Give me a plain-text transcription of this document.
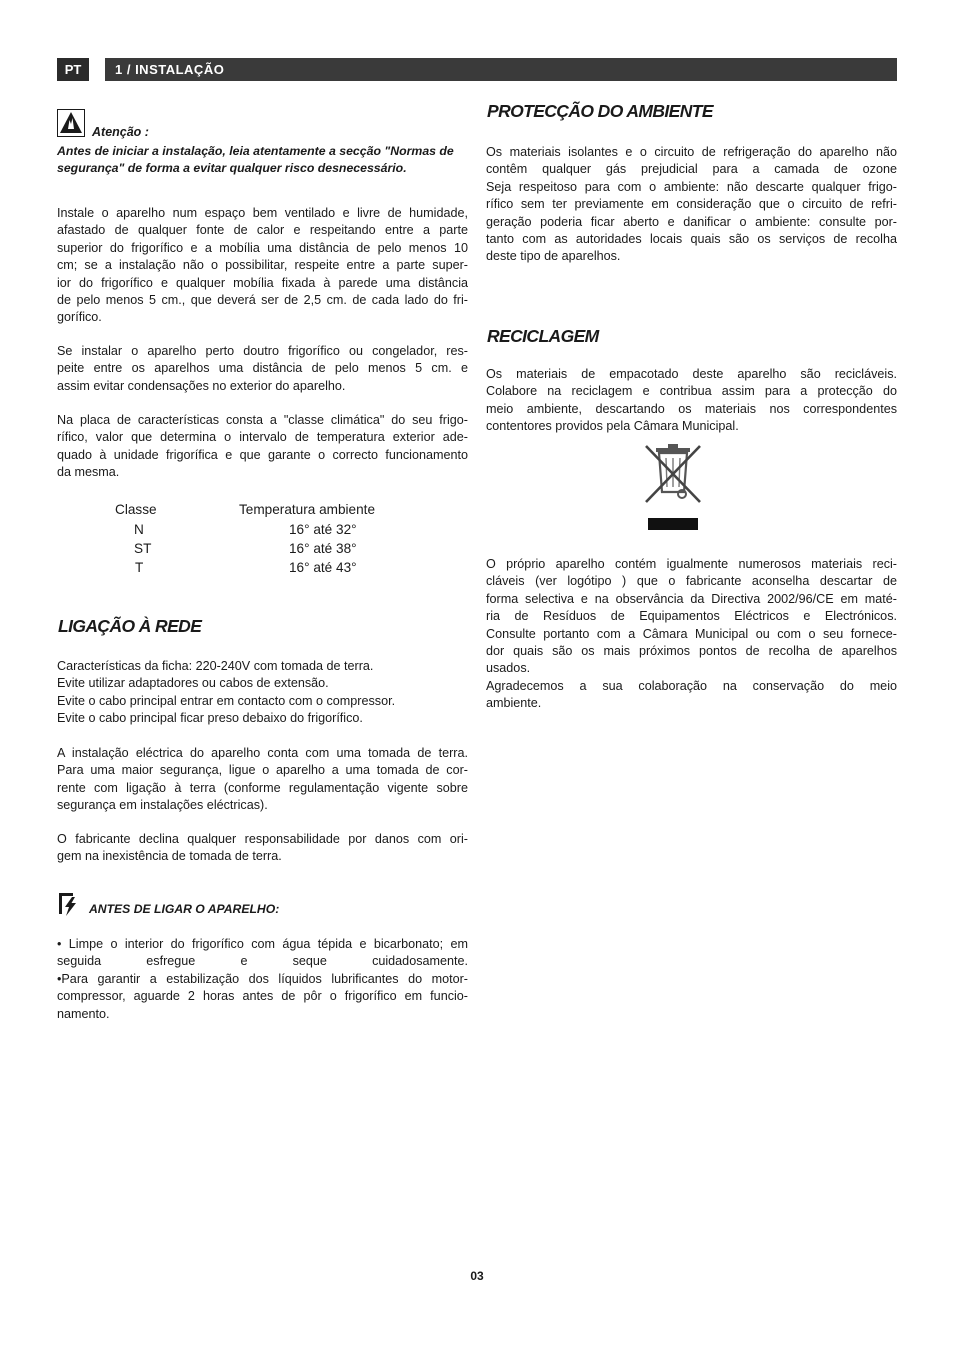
PT	1 / INSTALAÇÃO
Atenção :
Antes de iniciar a instalação, leia atentamente a secção "Normas de
segurança" de forma a evitar qualquer risco desnecessário.
Instale o aparelho num espaço bem ventilado e livre de humidade,
afastado de qualquer fonte de calor e respeitando entre a parte
superior do frigorífico e a mobília uma distância de pelo menos 10
cm; se a instalação não o possibilitar, respeite entre a parte super-
ior do frigorífico e qualquer mobília fixada à parede uma distância
de pelo menos 5 cm., que deverá ser de 2,5 cm. de cada lado do fri-
gorífico.
Se instalar o aparelho perto doutro frigorífico ou congelador, res-
peite entre os aparelhos uma distância de pelo menos 5 cm. e
assim evitar condensações no exterior do aparelho.
Na placa de características consta a "classe climática" do seu frigo-
rífico, valor que determina o intervalo de temperatura exterior ade-
quado à unidade frigorífica e que garante o correcto funcionamento
da mesma.
Classe	Temperatura ambiente
N	16° até 32°
ST	16° até 38°
T	16° até 43°
LIGAÇÃO À REDE
Características da ficha: 220-240V com tomada de terra.
Evite utilizar adaptadores ou cabos de extensão.
Evite o cabo principal entrar em contacto com o compressor.
Evite o cabo principal ficar preso debaixo do frigorífico.
A instalação eléctrica do aparelho conta com uma tomada de terra.
Para uma maior segurança, ligue o aparelho a uma tomada de cor-
rente com ligação à terra (conforme regulamentação vigente sobre
segurança em instalações eléctricas).
O fabricante declina qualquer responsabilidade por danos com ori-
gem na inexistência de tomada de terra.
ANTES DE LIGAR O APARELHO:
• Limpe o interior do frigorífico com água tépida e bicarbonato; em
seguida esfregue e seque cuidadosamente.
•Para garantir a estabilização dos líquidos lubrificantes do motor-
compressor, aguarde 2 horas antes de pôr o frigorífico em funcio-
namento.
PROTECÇÃO DO AMBIENTE
Os materiais isolantes e o circuito de refrigeração do aparelho não
contêm qualquer gás prejudicial para a camada de ozone
Seja respeitoso para com o ambiente: não descarte qualquer frigo-
rífico sem ter previamente em consideração que o circuito de refri-
geração poderia ficar aberto e danificar o ambiente: consulte por-
tanto com as autoridades locais quais são os serviços de recolha
deste tipo de aparelhos.
RECICLAGEM
Os materiais de empacotado deste aparelho são recicláveis.
Colabore na reciclagem e contribua assim para a protecção do
meio ambiente, descartando os materiais nos correspondentes
contentores providos pela Câmara Municipal.
O próprio aparelho contém igualmente numerosos materiais reci-
cláveis (ver logótipo ) que o fabricante aconselha descartar de
forma selectiva e na observância da Directiva 2002/96/CE em maté-
ria de Resíduos de Equipamentos Eléctricos e Electrónicos.
Consulte portanto com a Câmara Municipal ou com o seu fornece-
dor quais são os mais próximos pontos de recolha de aparelhos
usados.
Agradecemos a sua colaboração na conservação do meio
ambiente.
03
